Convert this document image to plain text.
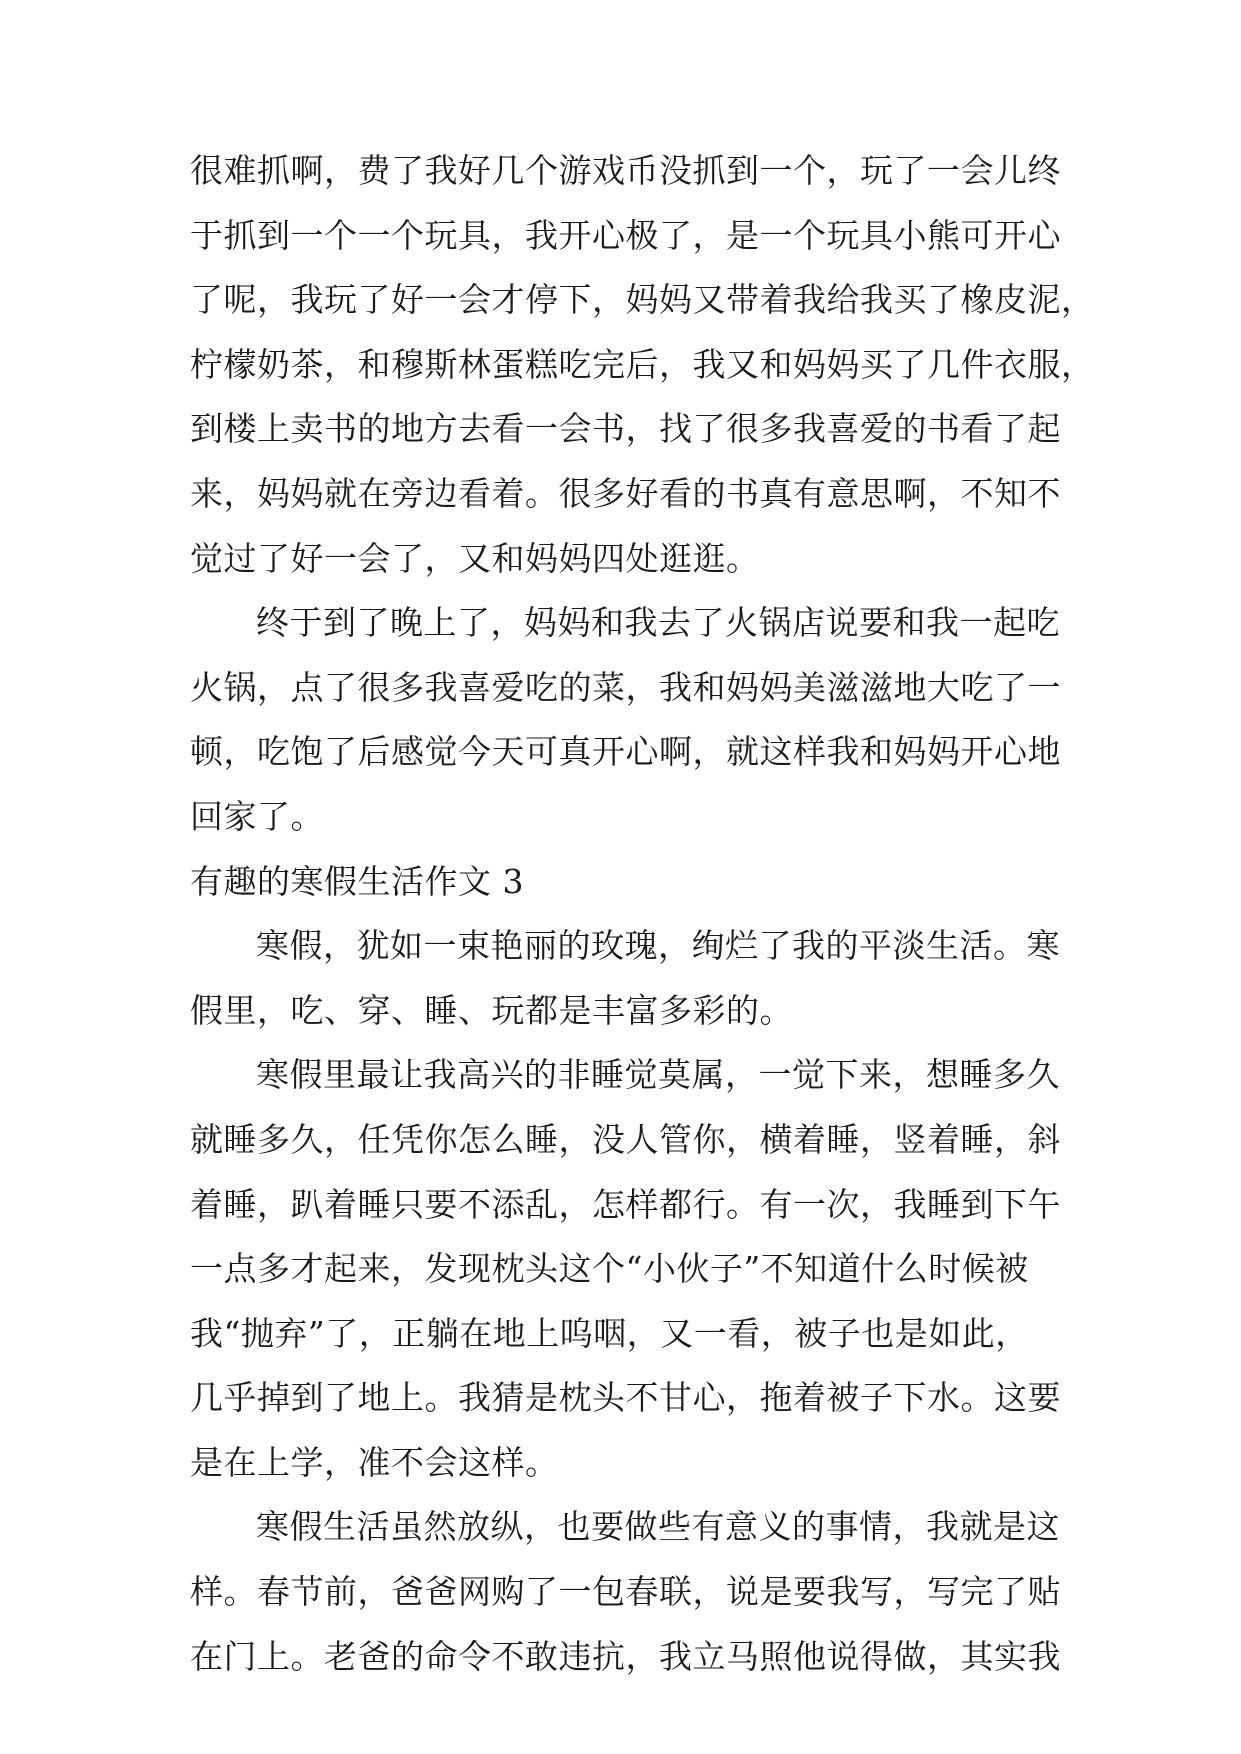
很难抓啊，费了我好几个游戏币没抓到一个，玩了一会儿终
于抓到一个一个玩具，我开心极了，是一个玩具小熊可开心
了呢，我玩了好一会才停下，妈妈又带着我给我买了橡皮泥，
柠檬奶茶，和穆斯林蛋糕吃完后，我又和妈妈买了几件衣服，
到楼上卖书的地方去看一会书，找了很多我喜爱的书看了起
来，妈妈就在旁边看着。很多好看的书真有意思啊，不知不
觉过了好一会了，又和妈妈四处逛逛。
终于到了晚上了，妈妈和我去了火锅店说要和我一起吃
火锅，点了很多我喜爱吃的菜，我和妈妈美滋滋地大吃了一
顿，吃饱了后感觉今天可真开心啊，就这样我和妈妈开心地
回家了。
有趣的寒假生活作文 3
寒假，犹如一束艳丽的玫瑰，绚烂了我的平淡生活。寒
假里，吃、穿、睡、玩都是丰富多彩的。
寒假里最让我高兴的非睡觉莫属，一觉下来，想睡多久
就睡多久，任凭你怎么睡，没人管你，横着睡，竖着睡，斜
着睡，趴着睡只要不添乱，怎样都行。有一次，我睡到下午
一点多才起来，发现枕头这个“小伙子”不知道什么时候被
我“抛弃”了，正躺在地上呜咽，又一看，被子也是如此，
几乎掉到了地上。我猜是枕头不甘心，拖着被子下水。这要
是在上学，准不会这样。
寒假生活虽然放纵，也要做些有意义的事情，我就是这
样。春节前，爸爸网购了一包春联，说是要我写，写完了贴
在门上。老爸的命令不敢违抗，我立马照他说得做，其实我
